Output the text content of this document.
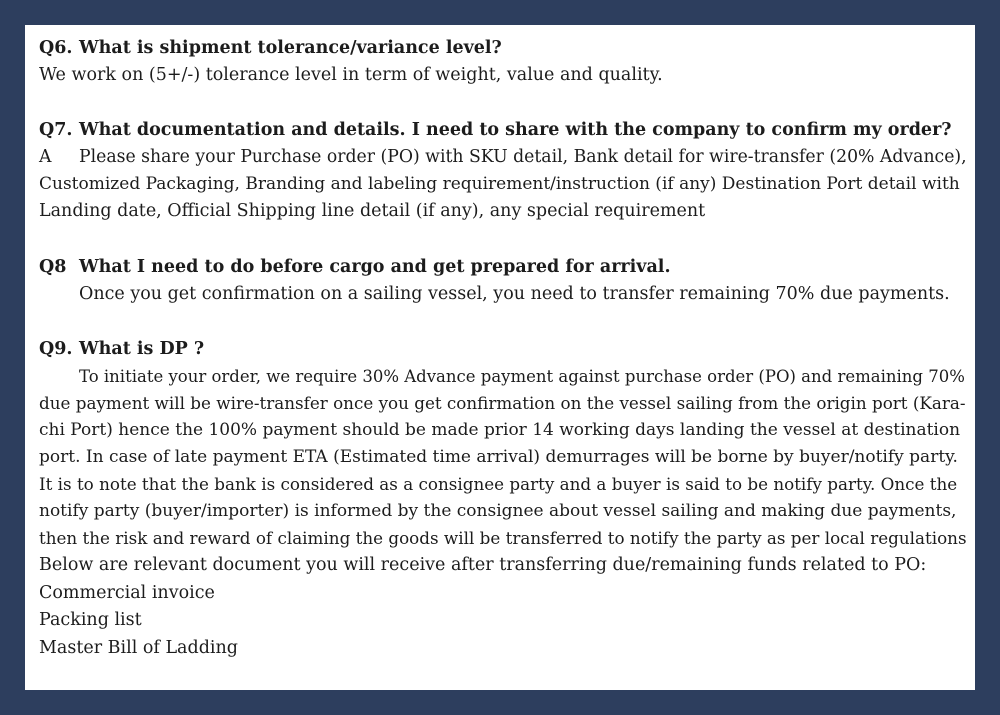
Q6. What is shipment tolerance/variance level?
We work on (5+/-) tolerance level in term of weight, value and quality.
Q7. What documentation and details. I need to share with the company to confirm my order?
A Please share your Purchase order (PO) with SKU detail, Bank detail for wire-transfer (20% Advance),
Customized Packaging, Branding and labeling requirement/instruction (if any) Destination Port detail with
Landing date, Official Shipping line detail (if any), any special requirement
Q8 What I need to do before cargo and get prepared for arrival.
Once you get confirmation on a sailing vessel, you need to transfer remaining 70% due payments.
Q9. What is DP ?
To initiate your order, we require 30% Advance payment against purchase order (PO) and remaining 70%
due payment will be wire-transfer once you get confirmation on the vessel sailing from the origin port (Kara-
chi Port) hence the 100% payment should be made prior 14 working days landing the vessel at destination
port. In case of late payment ETA (Estimated time arrival) demurrages will be borne by buyer/notify party.
It is to note that the bank is considered as a consignee party and a buyer is said to be notify party. Once the
notify party (buyer/importer) is informed by the consignee about vessel sailing and making due payments,
then the risk and reward of claiming the goods will be transferred to notify the party as per local regulations
Below are relevant document you will receive after transferring due/remaining funds related to PO:
Commercial invoice
Packing list
Master Bill of Ladding
